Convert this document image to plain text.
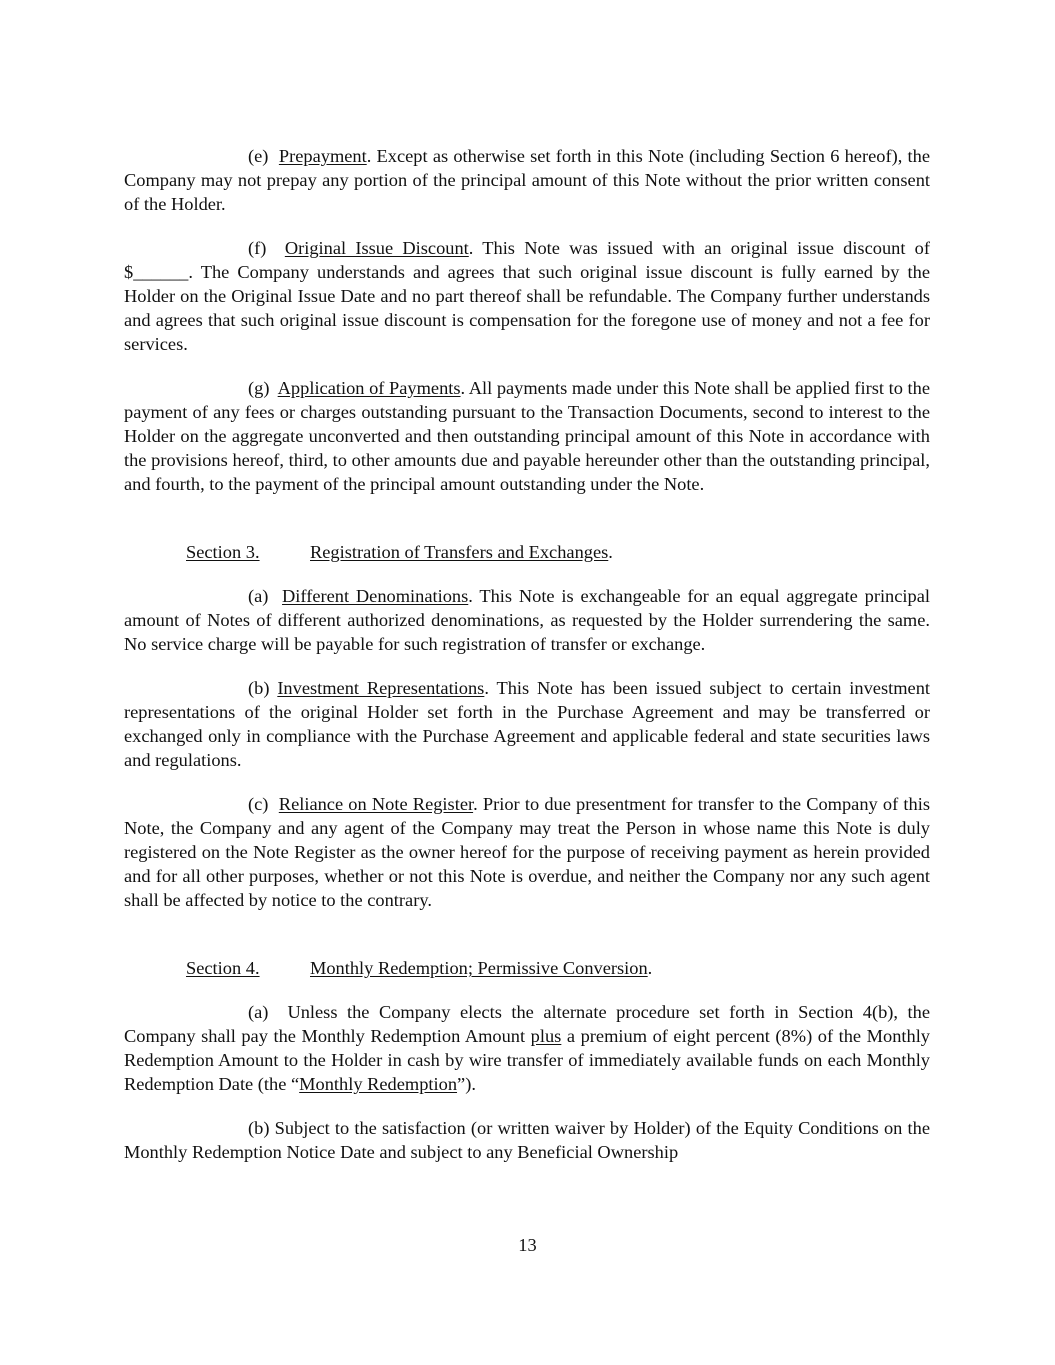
(e) Prepayment. Except as otherwise set forth in this Note (including Section 6 hereof), the Company may not prepay any portion of the principal amount of this Note without the prior written consent of the Holder.

(f) Original Issue Discount. This Note was issued with an original issue discount of $______. The Company understands and agrees that such original issue discount is fully earned by the Holder on the Original Issue Date and no part thereof shall be refundable. The Company further understands and agrees that such original issue discount is compensation for the foregone use of money and not a fee for services.

(g) Application of Payments. All payments made under this Note shall be applied first to the payment of any fees or charges outstanding pursuant to the Transaction Documents, second to interest to the Holder on the aggregate unconverted and then outstanding principal amount of this Note in accordance with the provisions hereof, third, to other amounts due and payable hereunder other than the outstanding principal, and fourth, to the payment of the principal amount outstanding under the Note.

Section 3.	Registration of Transfers and Exchanges.

(a) Different Denominations. This Note is exchangeable for an equal aggregate principal amount of Notes of different authorized denominations, as requested by the Holder surrendering the same. No service charge will be payable for such registration of transfer or exchange.

(b) Investment Representations. This Note has been issued subject to certain investment representations of the original Holder set forth in the Purchase Agreement and may be transferred or exchanged only in compliance with the Purchase Agreement and applicable federal and state securities laws and regulations.

(c) Reliance on Note Register. Prior to due presentment for transfer to the Company of this Note, the Company and any agent of the Company may treat the Person in whose name this Note is duly registered on the Note Register as the owner hereof for the purpose of receiving payment as herein provided and for all other purposes, whether or not this Note is overdue, and neither the Company nor any such agent shall be affected by notice to the contrary.

Section 4.	Monthly Redemption; Permissive Conversion.

(a) Unless the Company elects the alternate procedure set forth in Section 4(b), the Company shall pay the Monthly Redemption Amount plus a premium of eight percent (8%) of the Monthly Redemption Amount to the Holder in cash by wire transfer of immediately available funds on each Monthly Redemption Date (the “Monthly Redemption”).

(b) Subject to the satisfaction (or written waiver by Holder) of the Equity Conditions on the Monthly Redemption Notice Date and subject to any Beneficial Ownership

13
